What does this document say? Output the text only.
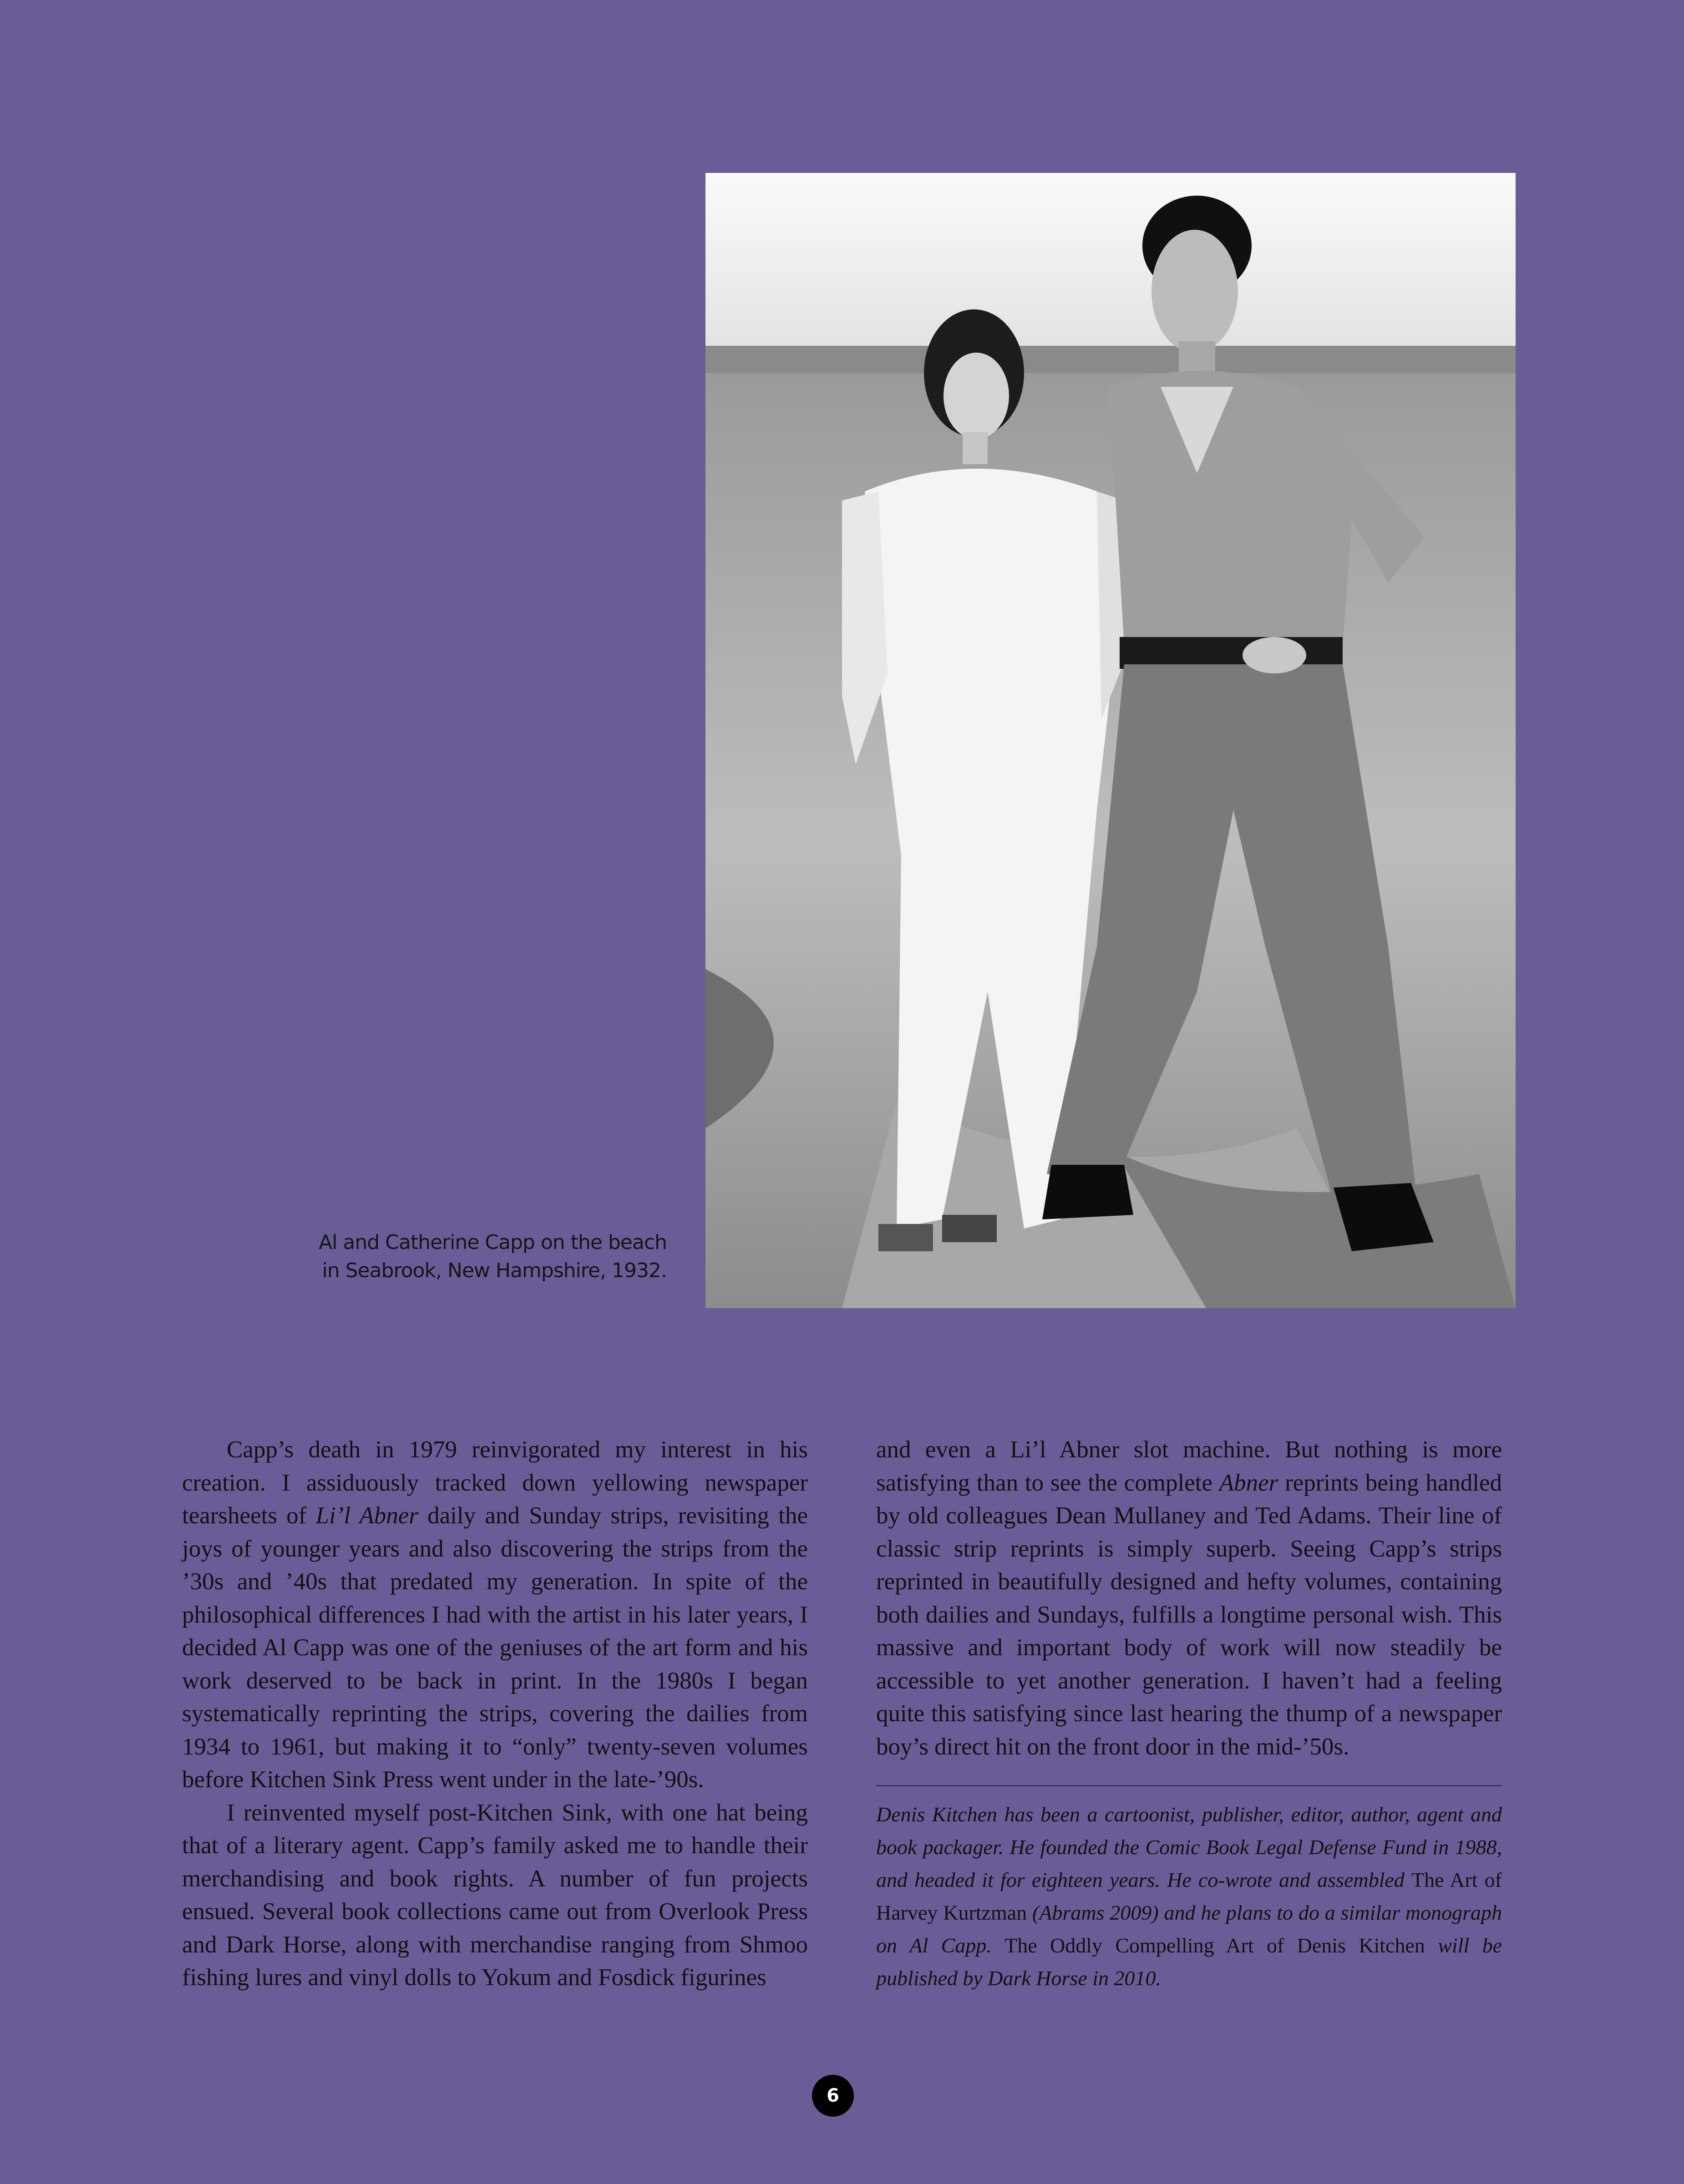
Al and Catherine Capp on the beach
in Seabrook, New Hampshire, 1932.

Capp’s death in 1979 reinvigorated my interest in his creation. I assiduously tracked down yellowing newspaper tearsheets of Li’l Abner daily and Sunday strips, revisiting the joys of younger years and also discovering the strips from the ’30s and ’40s that predated my generation. In spite of the philosophical differences I had with the artist in his later years, I decided Al Capp was one of the geniuses of the art form and his work deserved to be back in print. In the 1980s I began systematically reprinting the strips, covering the dailies from 1934 to 1961, but making it to “only” twenty-seven volumes before Kitchen Sink Press went under in the late-’90s.

I reinvented myself post-Kitchen Sink, with one hat being that of a literary agent. Capp’s family asked me to handle their merchandising and book rights. A number of fun projects ensued. Several book collections came out from Overlook Press and Dark Horse, along with merchandise ranging from Shmoo fishing lures and vinyl dolls to Yokum and Fosdick figurines

and even a Li’l Abner slot machine. But nothing is more satisfying than to see the complete Abner reprints being handled by old colleagues Dean Mullaney and Ted Adams. Their line of classic strip reprints is simply superb. Seeing Capp’s strips reprinted in beautifully designed and hefty volumes, containing both dailies and Sundays, fulfills a longtime personal wish. This massive and important body of work will now steadily be accessible to yet another generation. I haven’t had a feeling quite this satisfying since last hearing the thump of a newspaper boy’s direct hit on the front door in the mid-’50s.

Denis Kitchen has been a cartoonist, publisher, editor, author, agent and book packager. He founded the Comic Book Legal Defense Fund in 1988, and headed it for eighteen years. He co-wrote and assembled The Art of Harvey Kurtzman (Abrams 2009) and he plans to do a similar monograph on Al Capp. The Oddly Compelling Art of Denis Kitchen will be published by Dark Horse in 2010.

6
